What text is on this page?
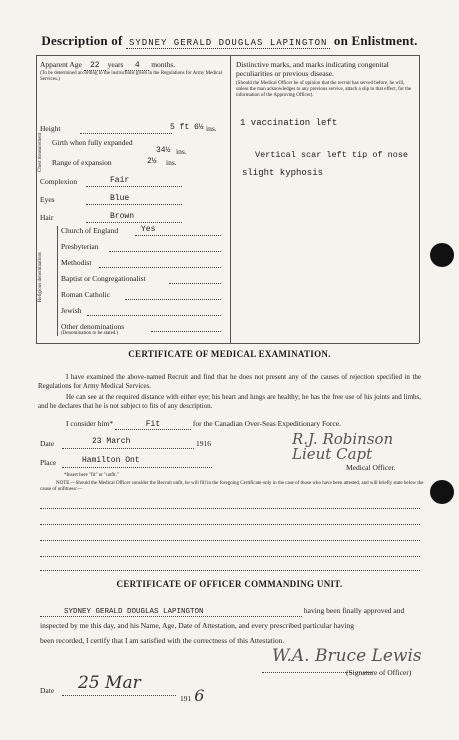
Description of SYDNEY GERALD DOUGLAS LAPINGTON on Enlistment.
Apparent Age 22 years 4 months.
(To be determined according to the instructions given in the Regulations for Army Medical Services.)
Height	5 ft 6½ ins.
Chest measurement Girth when fully expanded
34½ ins.
Range of expansion	2½ ins.
Complexion	Fair
Eyes	Blue
Hair	Brown
Religious denominations
Church of England	Yes
Presbyterian
Methodist
Baptist or Congregationalist
Roman Catholic
Jewish
Other denominations
(Denomination to be stated.)
Distinctive marks, and marks indicating congenital peculiarities or previous disease.
(Should the Medical Officer be of opinion that the recruit has served before, he will, unless the man acknowledges to any previous service, attach a slip to that effect, for the information of the Approving Officer).
1 vaccination left
Vertical scar left tip of nose
slight kyphosis
CERTIFICATE OF MEDICAL EXAMINATION.
I have examined the above-named Recruit and find that he does not present any of the causes of rejection specified in the Regulations for Army Medical Services.
He can see at the required distance with either eye; his heart and lungs are healthy; he has the free use of his joints and limbs, and he declares that he is not subject to fits of any description.
I consider him*	Fit	for the Canadian Over-Seas Expeditionary Force.
Date	23 March	1916
Place	Hamilton Ont
R.J. Robinson Lieut Capt
Medical Officer.
*Insert here "fit" or "unfit."
NOTE.—Should the Medical Officer consider the Recruit unfit, he will fill in the foregoing Certificate only in the case of those who have been attested, and will briefly state below the cause of unfitness:—
CERTIFICATE OF OFFICER COMMANDING UNIT.
SYDNEY GERALD DOUGLAS LAPINGTON	having been finally approved and
inspected by me this day, and his Name, Age, Date of Attestation, and every prescribed particular having
been recorded, I certify that I am satisfied with the correctness of this Attestation.
W.A. Bruce Lewis
(Signature of Officer)
Date 25 Mar
191 6
